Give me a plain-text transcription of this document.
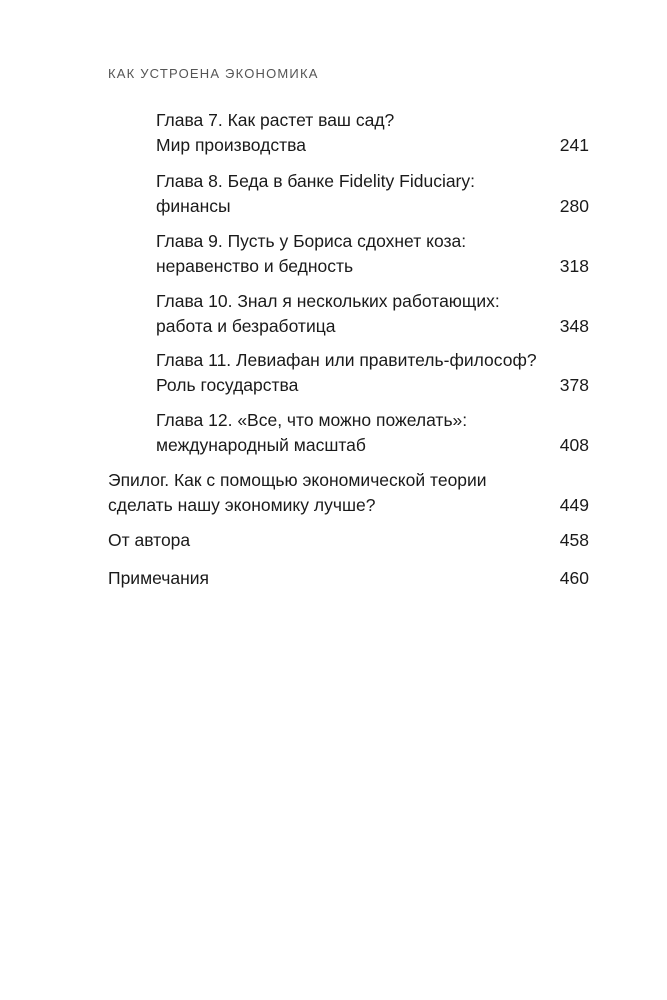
КАК УСТРОЕНА ЭКОНОМИКА
Глава 7. Как растет ваш сад?
Мир производства	241
Глава 8. Беда в банке Fidelity Fiduciary:
финансы	280
Глава 9. Пусть у Бориса сдохнет коза:
неравенство и бедность	318
Глава 10. Знал я нескольких работающих:
работа и безработица	348
Глава 11. Левиафан или правитель-философ?
Роль государства	378
Глава 12. «Все, что можно пожелать»:
международный масштаб	408
Эпилог. Как с помощью экономической теории
сделать нашу экономику лучше?	449
От автора	458
Примечания	460
